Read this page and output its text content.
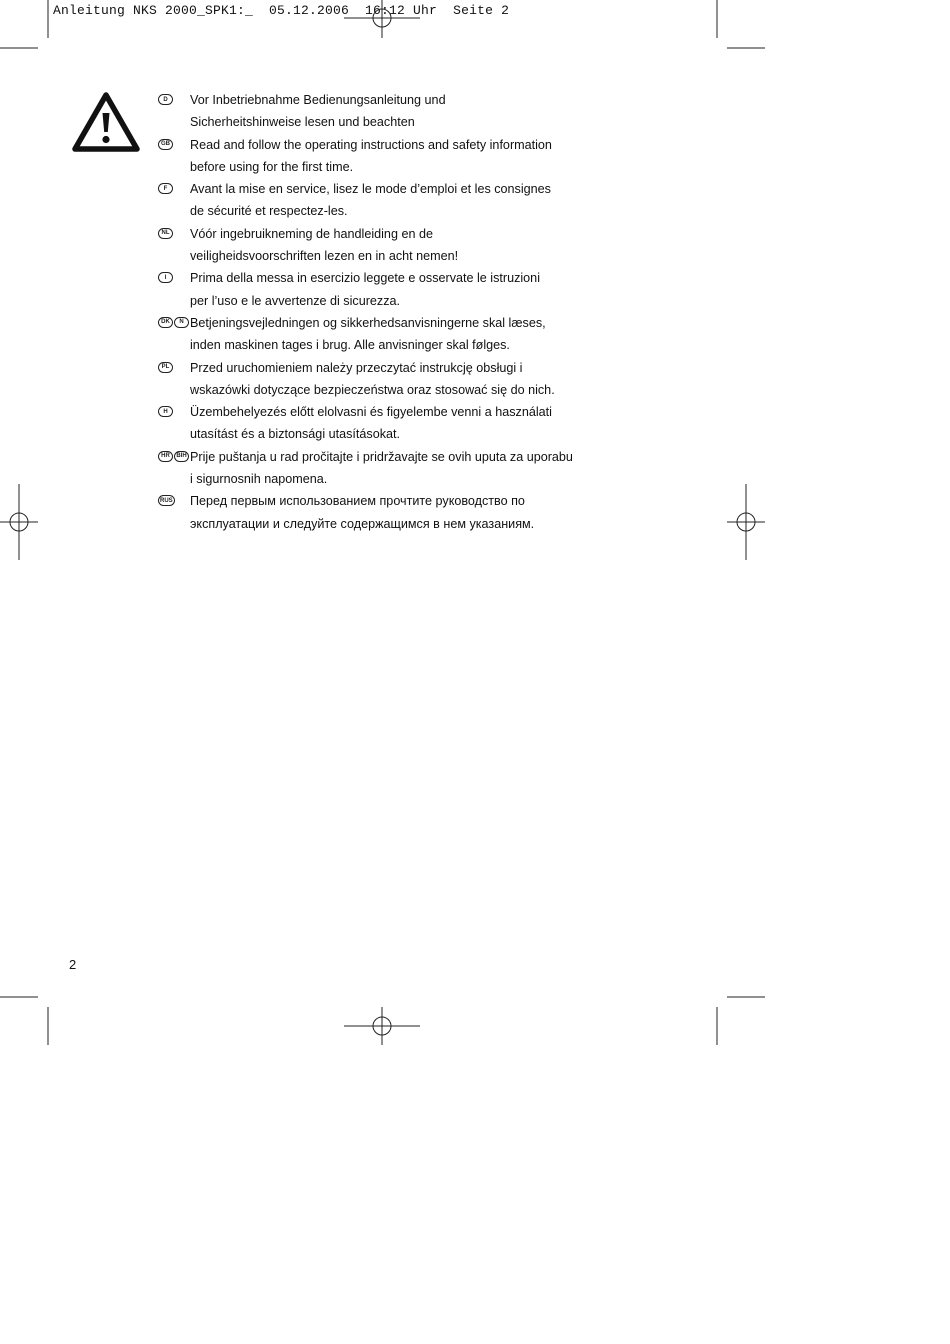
Anleitung NKS 2000_SPK1:_  05.12.2006  16:12 Uhr  Seite 2
D	Vor Inbetriebnahme Bedienungsanleitung und
Sicherheitshinweise lesen und beachten
GB Read and follow the operating instructions and safety information
before using for the first time.
F	Avant la mise en service, lisez le mode d’emploi et les consignes
de sécurité et respectez-les.
NL Vóór ingebruikneming de handleiding en de
veiligheidsvoorschriften lezen en in acht nemen!
I	Prima della messa in esercizio leggete e osservate le istruzioni
per l’uso e le avvertenze di sicurezza.
DK	N Betjeningsvejledningen og sikkerhedsanvisningerne skal læses,
inden maskinen tages i brug. Alle anvisninger skal følges.
PL Przed uruchomieniem należy przeczytać instrukcję obsługi i
wskazówki dotyczące bezpieczeństwa oraz stosować się do nich.
H	Üzembehelyezés előtt elolvasni és figyelembe venni a használati
utasítást és a biztonsági utasításokat.
HR	BIH Prije puštanja u rad pročitajte i pridržavajte se ovih uputa za uporabu
i sigurnosnih napomena.
RUS Перед первым использованием прочтите руководство по
эксплуатации и следуйте содержащимся в нем указаниям.
2
